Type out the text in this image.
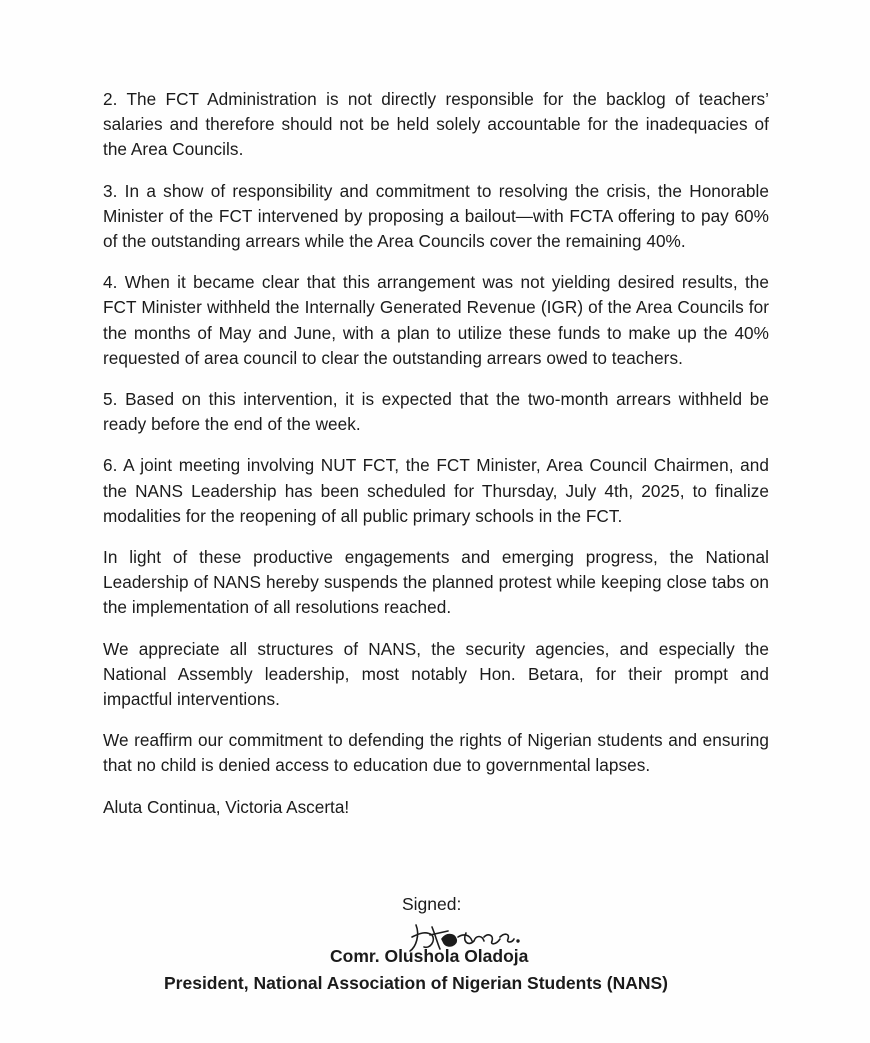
2. The FCT Administration is not directly responsible for the backlog of teachers’ salaries and therefore should not be held solely accountable for the inadequacies of the Area Councils.

3. In a show of responsibility and commitment to resolving the crisis, the Honorable Minister of the FCT intervened by proposing a bailout—with FCTA offering to pay 60% of the outstanding arrears while the Area Councils cover the remaining 40%.

4. When it became clear that this arrangement was not yielding desired results, the FCT Minister withheld the Internally Generated Revenue (IGR) of the Area Councils for the months of May and June, with a plan to utilize these funds to make up the 40% requested of area council to clear the outstanding arrears owed to teachers.

5. Based on this intervention, it is expected that the two-month arrears withheld be ready before the end of the week.

6. A joint meeting involving NUT FCT, the FCT Minister, Area Council Chairmen, and the NANS Leadership has been scheduled for Thursday, July 4th, 2025, to finalize modalities for the reopening of all public primary schools in the FCT.

In light of these productive engagements and emerging progress, the National Leadership of NANS hereby suspends the planned protest while keeping close tabs on the implementation of all resolutions reached.

We appreciate all structures of NANS, the security agencies, and especially the National Assembly leadership, most notably Hon. Betara, for their prompt and impactful interventions.

We reaffirm our commitment to defending the rights of Nigerian students and ensuring that no child is denied access to education due to governmental lapses.

Aluta Continua, Victoria Ascerta!

Signed:
Comr. Olushola Oladoja
President, National Association of Nigerian Students (NANS)
